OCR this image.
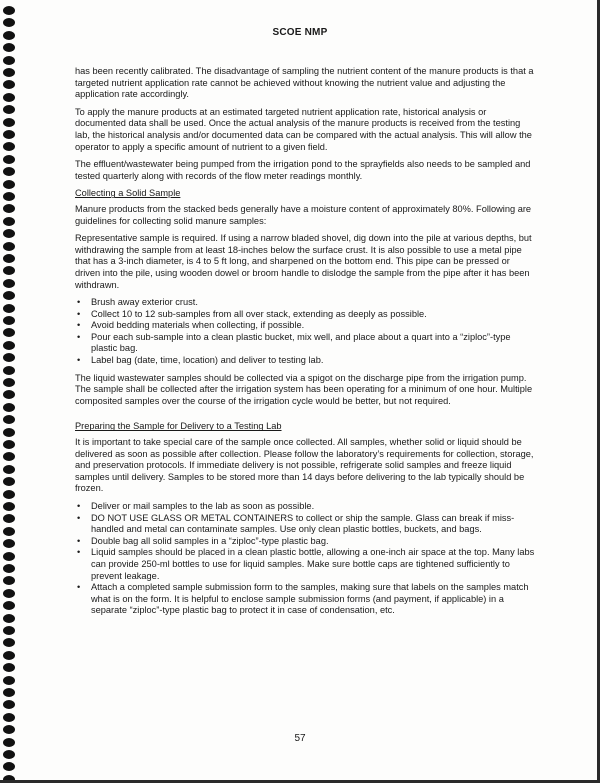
SCOE NMP

has been recently calibrated. The disadvantage of sampling the nutrient content of the manure products is that a targeted nutrient application rate cannot be achieved without knowing the nutrient value and adjusting the application rate accordingly.

To apply the manure products at an estimated targeted nutrient application rate, historical analysis or documented data shall be used. Once the actual analysis of the manure products is received from the testing lab, the historical analysis and/or documented data can be compared with the actual analysis. This will allow the operator to apply a specific amount of nutrient to a given field.

The effluent/wastewater being pumped from the irrigation pond to the sprayfields also needs to be sampled and tested quarterly along with records of the flow meter readings monthly.

Collecting a Solid Sample

Manure products from the stacked beds generally have a moisture content of approximately 80%. Following are guidelines for collecting solid manure samples:

Representative sample is required. If using a narrow bladed shovel, dig down into the pile at various depths, but withdrawing the sample from at least 18-inches below the surface crust. It is also possible to use a metal pipe that has a 3-inch diameter, is 4 to 5 ft long, and sharpened on the bottom end. This pipe can be pressed or driven into the pile, using wooden dowel or broom handle to dislodge the sample from the pipe after it has been withdrawn.

• Brush away exterior crust.
• Collect 10 to 12 sub-samples from all over stack, extending as deeply as possible.
• Avoid bedding materials when collecting, if possible.
• Pour each sub-sample into a clean plastic bucket, mix well, and place about a quart into a “ziploc”-type plastic bag.
• Label bag (date, time, location) and deliver to testing lab.

The liquid wastewater samples should be collected via a spigot on the discharge pipe from the irrigation pump. The sample shall be collected after the irrigation system has been operating for a minimum of one hour. Multiple composited samples over the course of the irrigation cycle would be better, but not required.

Preparing the Sample for Delivery to a Testing Lab

It is important to take special care of the sample once collected. All samples, whether solid or liquid should be delivered as soon as possible after collection. Please follow the laboratory’s requirements for collection, storage, and preservation protocols. If immediate delivery is not possible, refrigerate solid samples and freeze liquid samples until delivery. Samples to be stored more than 14 days before delivering to the lab typically should be frozen.

• Deliver or mail samples to the lab as soon as possible.
• DO NOT USE GLASS OR METAL CONTAINERS to collect or ship the sample. Glass can break if miss-handled and metal can contaminate samples. Use only clean plastic bottles, buckets, and bags.
• Double bag all solid samples in a “ziploc”-type plastic bag.
• Liquid samples should be placed in a clean plastic bottle, allowing a one-inch air space at the top. Many labs can provide 250-ml bottles to use for liquid samples. Make sure bottle caps are tightened sufficiently to prevent leakage.
• Attach a completed sample submission form to the samples, making sure that labels on the samples match what is on the form. It is helpful to enclose sample submission forms (and payment, if applicable) in a separate “ziploc”-type plastic bag to protect it in case of condensation, etc.
57
